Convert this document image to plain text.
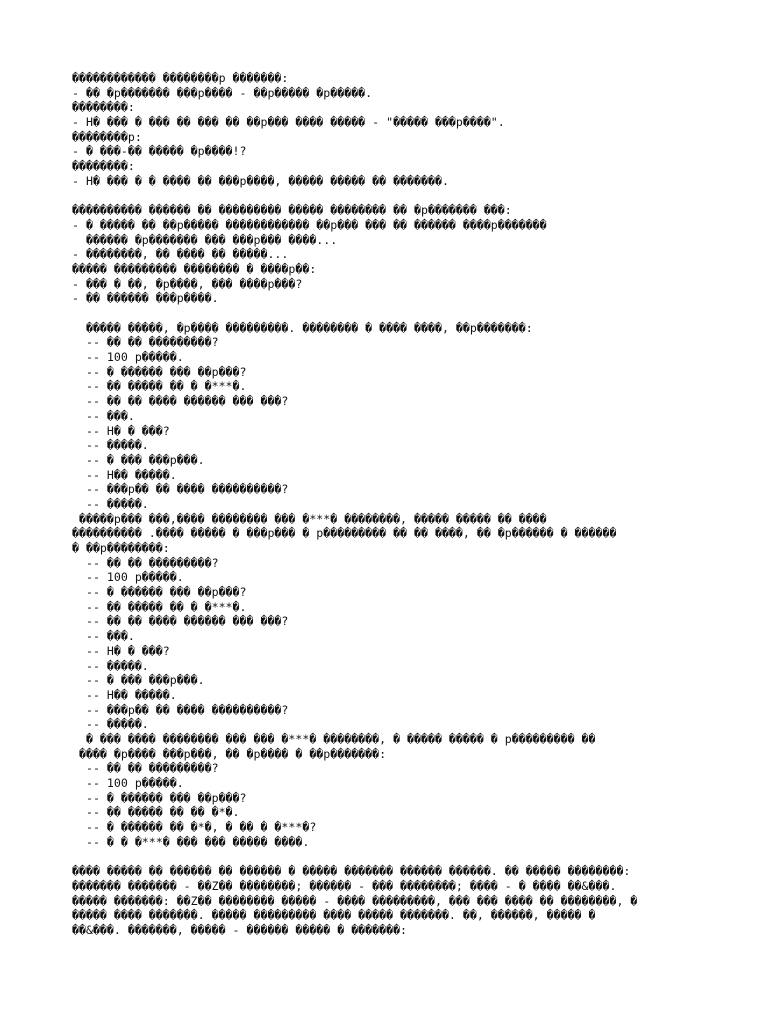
������������ ��������p �������:
- �� �p������� ���p���� - ��p����� �p�����.
��������:
- H� ��� � ��� �� ��� �� ��p��� ���� ����� - "����� ���p����".
��������p:
- � ���-�� ����� �p����!?
��������:
- H� ��� � � ���� �� ���p����, ����� ����� �� �������.
���������� ������ �� ��������� ����� �������� �� �p������� ���:
- � ����� �� ��p����� ������������ ��p��� ��� �� ������ ����p�������
������ �p������� ��� ���p��� ����...
- ��������, �� ���� �� �����...
����� ��������� �������� � ����p��:
- ��� � ��, �p����, ��� ����p���?
- �� ������ ���p����.
����� �����, �p���� ���������. �������� � ���� ����, ��p�������:
-- �� �� ���������?
-- 100 p�����.
-- � ������ ��� ��p���?
-- �� ����� �� � �***�.
-- �� �� ���� ������ ��� ���?
-- ���.
-- H� � ���?
-- �����.
-- � ��� ���p���.
-- H�� �����.
-- ���p�� �� ���� ����������?
-- �����.
�����p��� ���,���� �������� ��� �***� ��������, ����� ����� �� ����
���������� .���� ����� � ���p��� � p��������� �� �� ����, �� �p������ � ������
� ��p��������:
-- �� �� ���������?
-- 100 p�����.
-- � ������ ��� ��p���?
-- �� ����� �� � �***�.
-- �� �� ���� ������ ��� ���?
-- ���.
-- H� � ���?
-- �����.
-- � ��� ���p���.
-- H�� �����.
-- ���p�� �� ���� ����������?
-- �����.
� ��� ���� �������� ��� ��� �***� ��������, � ����� ����� � p��������� ��
���� �p���� ���p���, �� �p���� � ��p�������:
-- �� �� ���������?
-- 100 p�����.
-- � ������ ��� ��p���?
-- �� ����� �� �� �*�.
-- � ������ �� �*�, � �� � �***�?
-- � � �***� ��� ��� ����� ����.
���� ����� �� ������ �� ������ � ����� ������� ������ ������. �� ����� ��������:
������� ������� - ��Z�� ��������; ������ - ��� ��������; ���� - � ���� ��&���.
����� �������: ��Z�� �������� ����� - ���� ���������, ��� ��� ���� �� ��������, �
����� ���� �������. ����� ��������� ���� ����� �������. ��, ������, ����� �
��&���. �������, ����� - ������ ����� � �������:
